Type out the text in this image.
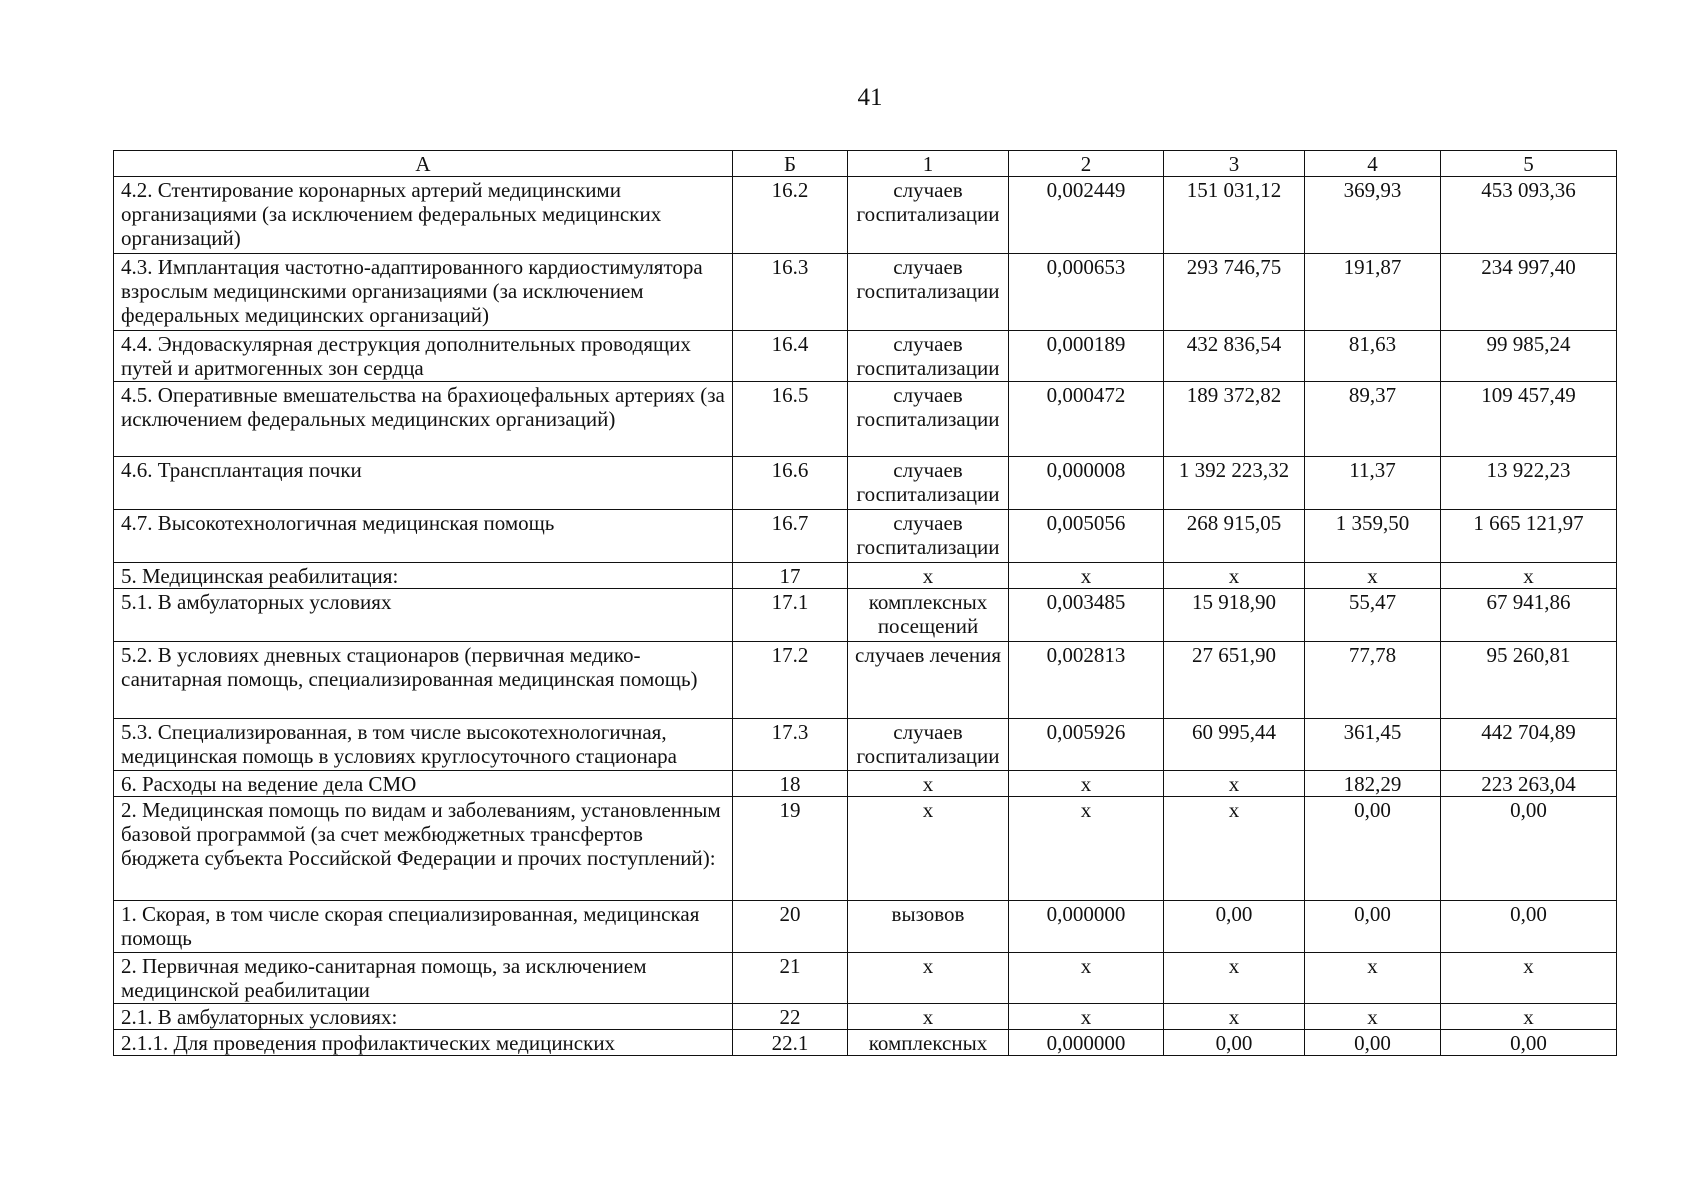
41
А	Б	1	2	3	4	5
4.2. Стентирование коронарных артерий медицинскими организациями (за исключением федеральных медицинских организаций)	16.2	случаев госпитализации	0,002449	151 031,12	369,93	453 093,36
4.3. Имплантация частотно-адаптированного кардиостимулятора взрослым медицинскими организациями (за исключением федеральных медицинских организаций)	16.3	случаев госпитализации	0,000653	293 746,75	191,87	234 997,40
4.4. Эндоваскулярная деструкция дополнительных проводящих путей и аритмогенных зон сердца	16.4	случаев госпитализации	0,000189	432 836,54	81,63	99 985,24
4.5. Оперативные вмешательства на брахиоцефальных артериях (за исключением федеральных медицинских организаций)	16.5	случаев госпитализации	0,000472	189 372,82	89,37	109 457,49
4.6. Трансплантация почки	16.6	случаев госпитализации	0,000008	1 392 223,32	11,37	13 922,23
4.7. Высокотехнологичная медицинская помощь	16.7	случаев госпитализации	0,005056	268 915,05	1 359,50	1 665 121,97
5. Медицинская реабилитация:	17	х	х	х	х	х
5.1. В амбулаторных условиях	17.1	комплексных посещений	0,003485	15 918,90	55,47	67 941,86
5.2. В условиях дневных стационаров (первичная медико-санитарная помощь, специализированная медицинская помощь)	17.2	случаев лечения	0,002813	27 651,90	77,78	95 260,81
5.3. Специализированная, в том числе высокотехнологичная, медицинская помощь в условиях круглосуточного стационара	17.3	случаев госпитализации	0,005926	60 995,44	361,45	442 704,89
6. Расходы на ведение дела СМО	18	х	х	х	182,29	223 263,04
2. Медицинская помощь по видам и заболеваниям, установленным базовой программой (за счет межбюджетных трансфертов бюджета субъекта Российской Федерации и прочих поступлений):	19	х	х	х	0,00	0,00
1. Скорая, в том числе скорая специализированная, медицинская помощь	20	вызовов	0,000000	0,00	0,00	0,00
2. Первичная медико-санитарная помощь, за исключением медицинской реабилитации	21	х	х	х	х	х
2.1. В амбулаторных условиях:	22	х	х	х	х	х
2.1.1. Для проведения профилактических медицинских	22.1	комплексных	0,000000	0,00	0,00	0,00
